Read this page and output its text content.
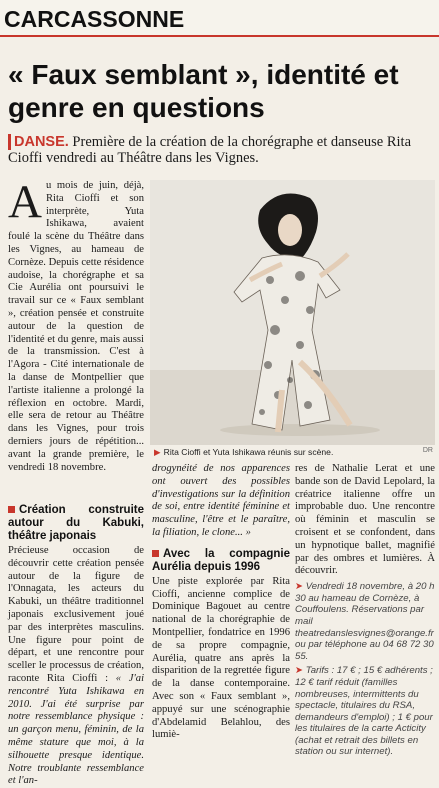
CARCASSONNE
« Faux semblant », identité et genre en questions
DANSE. Première de la création de la chorégraphe et danseuse Rita Cioffi vendredi au Théâtre dans les Vignes.

Au mois de juin, déjà, Rita Cioffi et son interprète, Yuta Ishikawa, avaient foulé la scène du Théâtre dans les Vignes, au hameau de Cornèze. Depuis cette résidence audoise, la chorégraphe et sa Cie Aurélia ont poursuivi le travail sur ce « Faux semblant », création pensée et construite autour de la question de l'identité et du genre, mais aussi de la transmission. C'est à l'Agora - Cité internationale de la danse de Montpellier que l'artiste italienne a prolongé la réflexion en octobre. Mardi, elle sera de retour au Théâtre dans les Vignes, pour trois derniers jours de répétition... avant la grande première, le vendredi 18 novembre.

Création construite autour du Kabuki, théâtre japonais

Précieuse occasion de découvrir cette création pensée autour de la figure de l'Onnagata, les acteurs du Kabuki, un théâtre traditionnel japonais exclusivement joué par des interprètes masculins. Une figure pour point de départ, et une rencontre pour sceller le processus de création, raconte Rita Cioffi : « J'ai rencontré Yuta Ishikawa en 2010. J'ai été surprise par notre ressemblance physique : un garçon menu, féminin, de la même stature que moi, à la silhouette presque identique. Notre troublante ressemblance et l'an-

▶ Rita Cioffi et Yuta Ishikawa réunis sur scène.	DR

drogynéité de nos apparences ont ouvert des possibles d'investigations sur la définition de soi, entre identité féminine et masculine, l'être et le paraître, la filiation, le clone... »

Avec la compagnie Aurélia depuis 1996

Une piste explorée par Rita Cioffi, ancienne complice de Dominique Bagouet au centre national de la chorégraphie de Montpellier, fondatrice en 1996 de sa propre compagnie, Aurélia, quatre ans après la disparition de la regrettée figure de la danse contemporaine. Avec son « Faux semblant », appuyé sur une scénographie d'Abdelamid Belahlou, des lumiè-

res de Nathalie Lerat et une bande son de David Lepolard, la créatrice italienne offre un improbable duo. Une rencontre où féminin et masculin se croisent et se confondent, dans un hypnotique ballet, magnifié par des ombres et lumières. À découvrir.

➤ Vendredi 18 novembre, à 20 h 30 au hameau de Cornèze, à Couffoulens. Réservations par mail theatredanslesvignes@orange.fr ou par téléphone au 04 68 72 30 55.

➤ Tarifs : 17 € ; 15 € adhérents ; 12 € tarif réduit (familles nombreuses, intermittents du spectacle, titulaires du RSA, demandeurs d'emploi) ; 1 € pour les titulaires de la carte Acticity (achat et retrait des billets en station ou sur internet).
